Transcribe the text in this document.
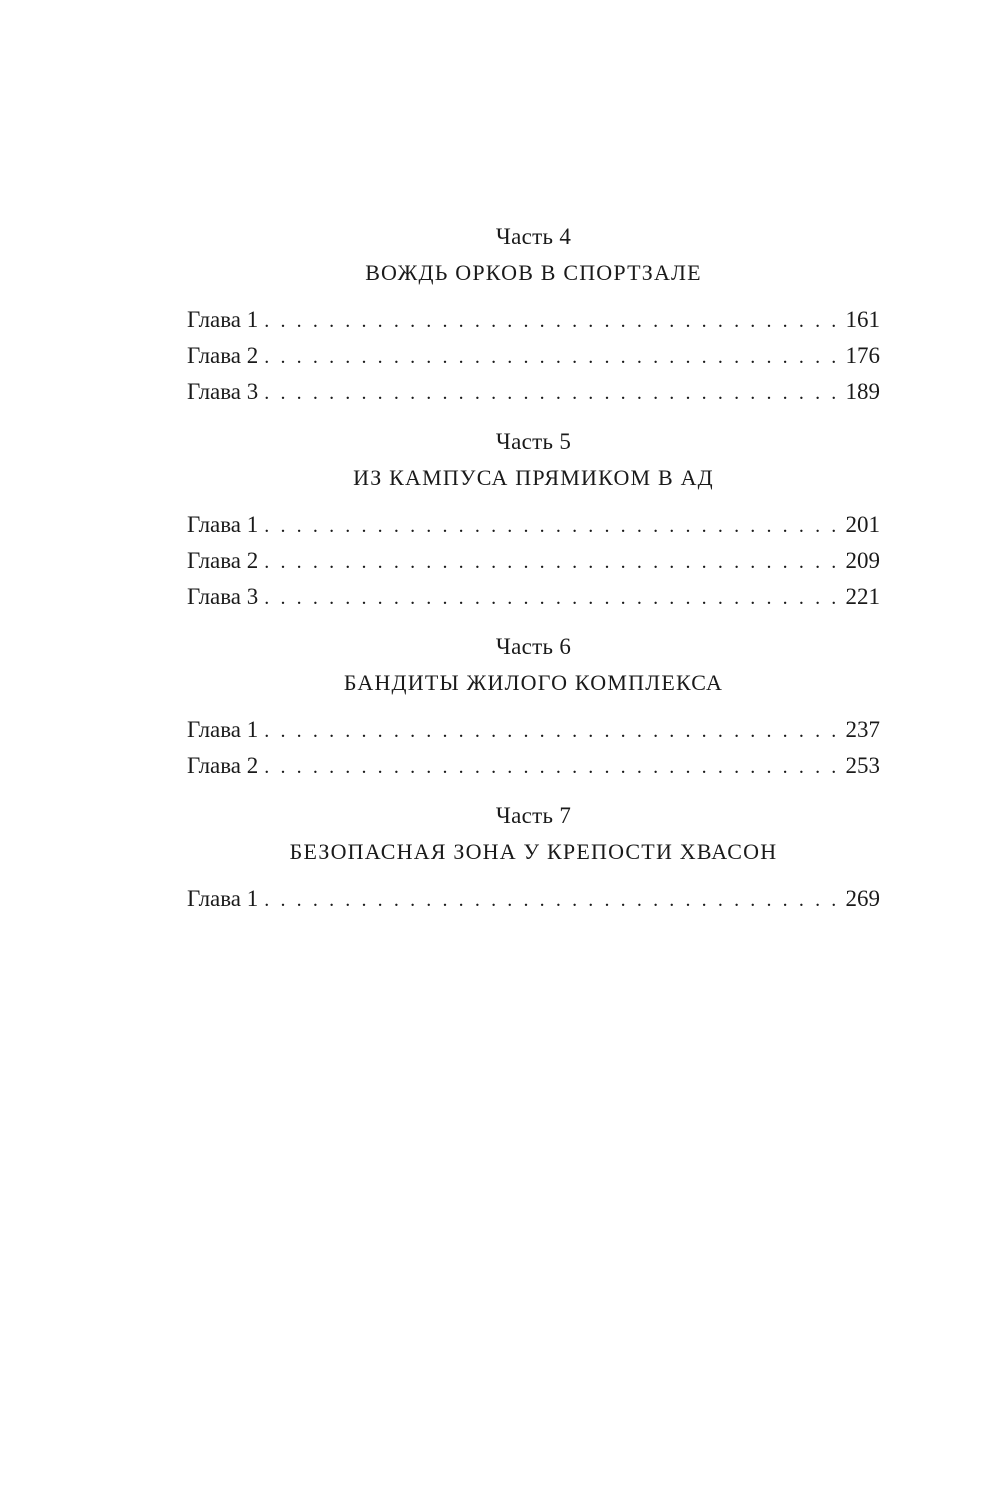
Часть 4
ВОЖДЬ ОРКОВ В СПОРТЗАЛЕ
Глава 1 . . .	161
Глава 2 . . .	176
Глава 3 . . .	189
Часть 5
ИЗ КАМПУСА ПРЯМИКОМ В АД
Глава 1 . . .	201
Глава 2 . . .	209
Глава 3 . . .	221
Часть 6
БАНДИТЫ ЖИЛОГО КОМПЛЕКСА
Глава 1 . . .	237
Глава 2 . . .	253
Часть 7
БЕЗОПАСНАЯ ЗОНА У КРЕПОСТИ ХВАСОН
Глава 1 . . .	269
